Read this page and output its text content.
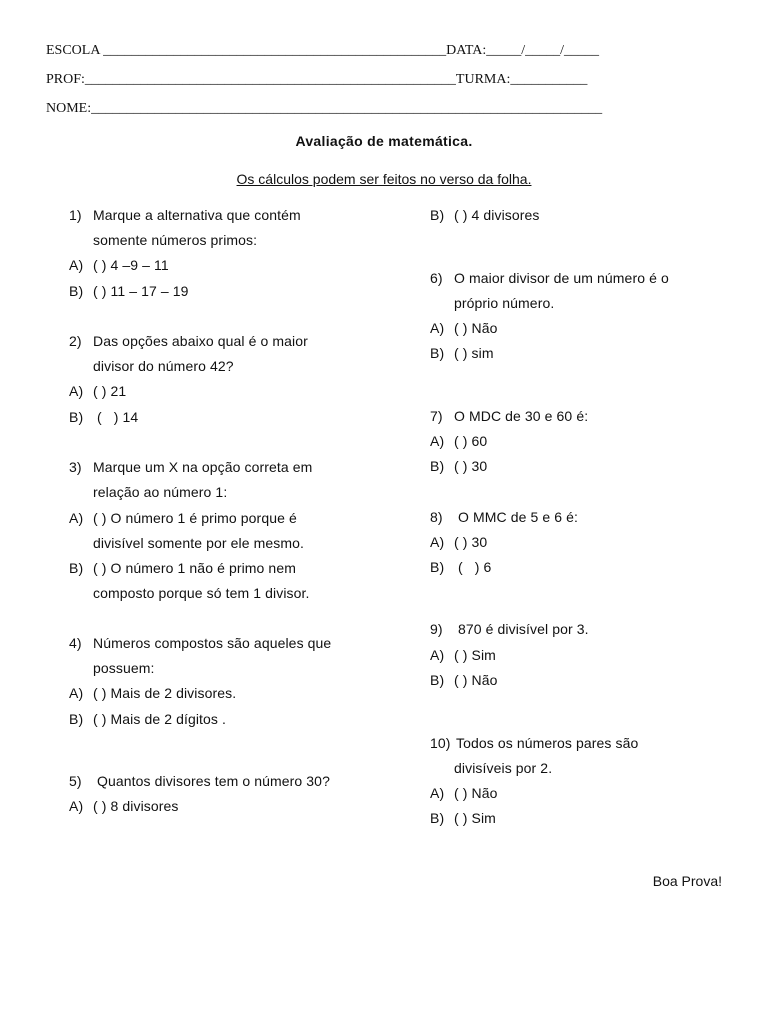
ESCOLA _________________________________________________DATA:_____/_____/_____
PROF:_____________________________________________________TURMA:___________
NOME:_________________________________________________________________________
Avaliação de matemática.
Os cálculos podem ser feitos no verso da folha.
1) Marque a alternativa que contém
somente números primos:
A) ( ) 4 –9 – 11
B) ( ) 11 – 17 – 19
2) Das opções abaixo qual é o maior
divisor do número 42?
A) ( ) 21
B) (   ) 14
3) Marque um X na opção correta em
relação ao número 1:
A) ( ) O número 1 é primo porque é
divisível somente por ele mesmo.
B) ( ) O número 1 não é primo nem
composto porque só tem 1 divisor.
4) Números compostos são aqueles que
possuem:
A) ( ) Mais de 2 divisores.
B) ( ) Mais de 2 dígitos .
5) Quantos divisores tem o número 30?
A) ( ) 8 divisores
B) ( ) 4 divisores
6) O maior divisor de um número é o
próprio número.
A) ( ) Não
B) ( ) sim
7) O MDC de 30 e 60 é:
A) ( ) 60
B) ( ) 30
8) O MMC de 5 e 6 é:
A) ( ) 30
B) (   ) 6
9) 870 é divisível por 3.
A) ( ) Sim
B) ( ) Não
10) Todos os números pares são
divisíveis por 2.
A) ( ) Não
B) ( ) Sim
Boa Prova!
